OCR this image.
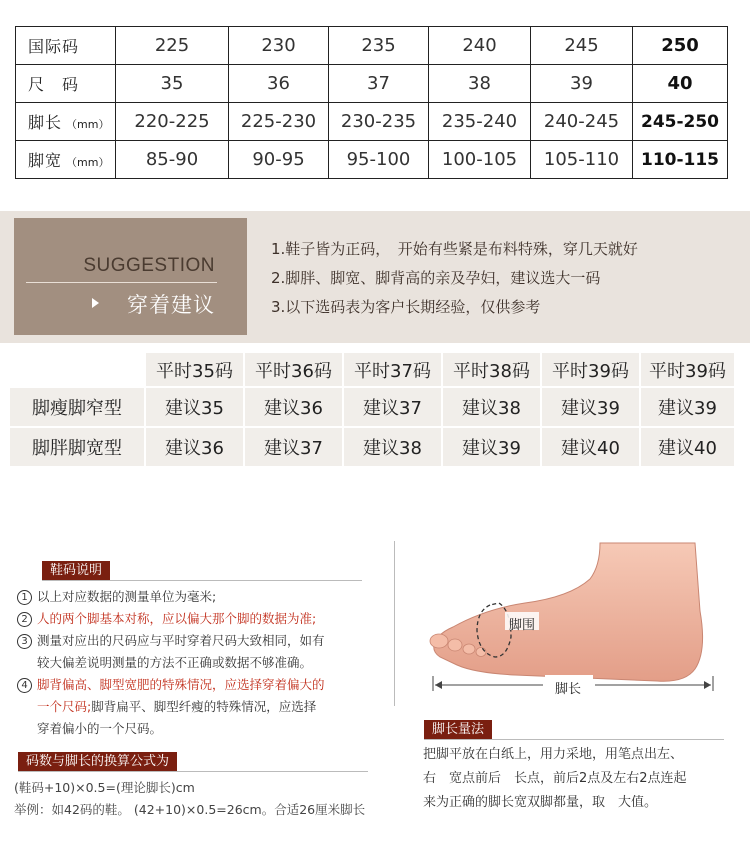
国际码	225	230	235	240	245	250
尺　码	35	36	37	38	39	40
脚长 （mm）	220-225	225-230	230-235	235-240	240-245	245-250
脚宽 （mm）	85-90	90-95	95-100	100-105	105-110	110-115
SUGGESTION
穿着建议
1.鞋子皆为正码，　开始有些紧是布料特殊，穿几天就好
2.脚胖、脚宽、脚背高的亲及孕妇，建议选大一码
3.以下选码表为客户长期经验，仅供参考
	平时35码	平时36码	平时37码	平时38码	平时39码	平时39码
脚瘦脚窄型	建议35	建议36	建议37	建议38	建议39	建议39
脚胖脚宽型	建议36	建议37	建议38	建议39	建议40	建议40
鞋码说明
1 以上对应数据的测量单位为毫米;
2 人的两个脚基本对称，应以偏大那个脚的数据为准;
3 测量对应出的尺码应与平时穿着尺码大致相同，如有
较大偏差说明测量的方法不正确或数据不够准确。
4 脚背偏高、脚型宽肥的特殊情况，应选择穿着偏大的
一个尺码;脚背扁平、脚型纤瘦的特殊情况，应选择
穿着偏小的一个尺码。
码数与脚长的换算公式为
(鞋码+10)×0.5=(理论脚长)cm
举例：如42码的鞋。 (42+10)×0.5=26cm。合适26厘米脚长
脚围
脚长
脚长量法
把脚平放在白纸上，用力采地，用笔点出左、
右　宽点前后　长点，前后2点及左右2点连起
来为正确的脚长宽双脚都量，取　大值。
